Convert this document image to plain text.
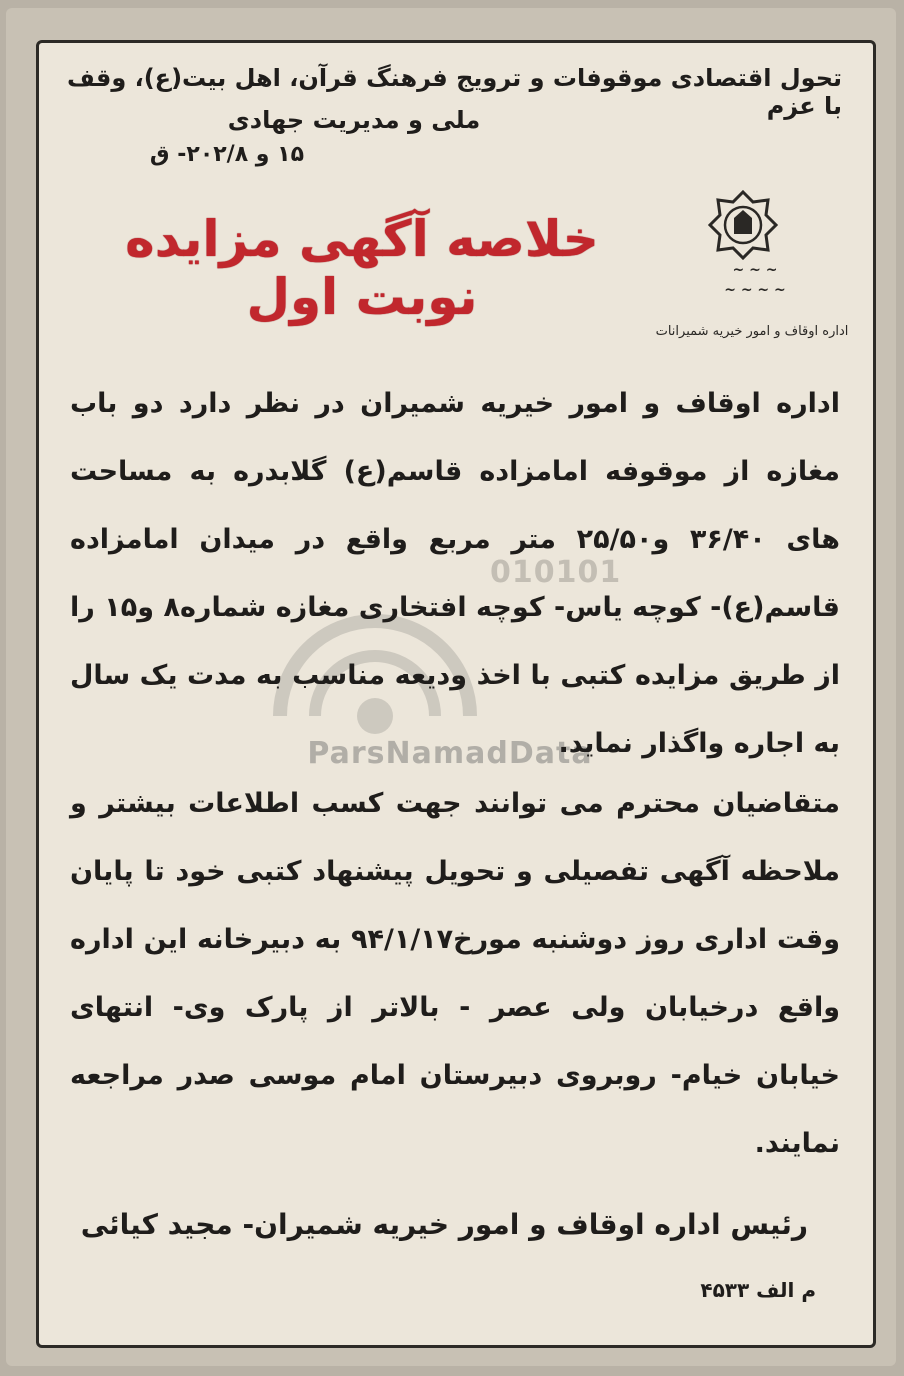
010101
ParsNamadData
تحول اقتصادی موقوفات و ترویج فرهنگ قرآن، اهل بیت(ع)، وقف با عزم
ملی و مدیریت جهادی
۱۵ و ۲۰۲/۸- ق
~ ~ ~
~ ~ ~ ~
اداره اوقاف و امور خیریه شمیرانات
خلاصه آگهی مزایده نوبت اول
اداره اوقاف و امور خیریه شمیران در نظر دارد دو باب مغازه از موقوفه امامزاده قاسم(ع) گلابدره به مساحت های ۳۶/۴۰ و۲۵/۵۰ متر مربع واقع در میدان امامزاده قاسم(ع)- کوچه یاس- کوچه افتخاری مغازه شماره۸ و۱۵ را از طریق مزایده کتبی با اخذ ودیعه مناسب به مدت یک سال به اجاره واگذار نماید.
متقاضیان محترم می توانند جهت کسب اطلاعات بیشتر و ملاحظه آگهی تفصیلی و تحویل پیشنهاد کتبی خود تا پایان وقت اداری روز دوشنبه مورخ۹۴/۱/۱۷ به دبیرخانه این اداره واقع درخیابان ولی عصر - بالاتر از پارک وی- انتهای خیابان خیام- روبروی دبیرستان امام موسی صدر مراجعه نمایند.
رئیس اداره اوقاف و امور خیریه شمیران- مجید کیائی
م الف ۴۵۳۳
